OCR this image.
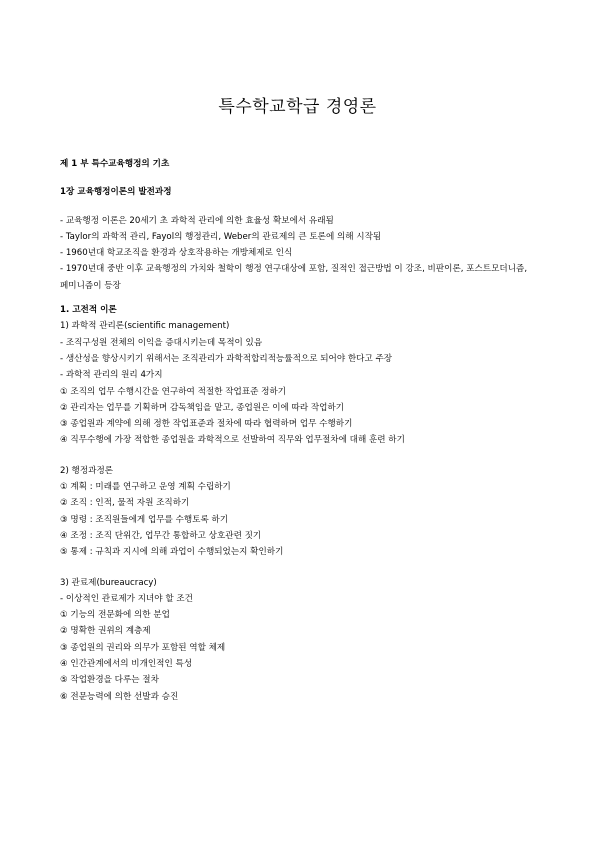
특수학교학급 경영론
제 1 부 특수교육행정의 기초
1장 교육행정이론의 발전과정
- 교육행정 이론은 20세기 초 과학적 관리에 의한 효율성 확보에서 유래됨
- Taylor의 과학적 관리, Fayol의 행정관리, Weber의 관료제의 큰 토론에 의해 시작됨
- 1960년대 학교조직을 환경과 상호작용하는 개방체제로 인식
- 1970년대 중반 이후 교육행정의 가치와 철학이 행정 연구대상에 포함, 질적인 접근방법 이 강조, 비판이론, 포스트모더니즘, 페미니즘이 등장
1. 고전적 이론
1) 과학적 관리론(scientific management)
- 조직구성원 전체의 이익을 증대시키는데 목적이 있음
- 생산성을 향상시키기 위해서는 조직관리가 과학적합리적능률적으로 되어야 한다고 주장
- 과학적 관리의 원리 4가지
① 조직의 업무 수행시간을 연구하여 적절한 작업표준 정하기
② 관리자는 업무를 기획하며 감독책임을 맡고, 종업원은 이에 따라 작업하기
③ 종업원과 계약에 의해 정한 작업표준과 절차에 따라 협력하며 업무 수행하기
④ 직무수행에 가장 적합한 종업원을 과학적으로 선발하여 직무와 업무절차에 대해 훈련 하기
2) 행정과정론
① 계획 : 미래를 연구하고 운영 계획 수립하기
② 조직 : 인적, 물적 자원 조직하기
③ 명령 : 조직원들에게 업무를 수행토록 하기
④ 조정 : 조직 단위간, 업무간 통합하고 상호관련 짓기
⑤ 통제 : 규칙과 지시에 의해 과업이 수행되었는지 확인하기
3) 관료제(bureaucracy)
- 이상적인 관료제가 지녀야 할 조건
① 기능의 전문화에 의한 분업
② 명확한 권위의 계층제
③ 종업원의 권리와 의무가 포함된 역할 체제
④ 인간관계에서의 비개인적인 특성
⑤ 작업환경을 다루는 절차
⑥ 전문능력에 의한 선발과 승진
